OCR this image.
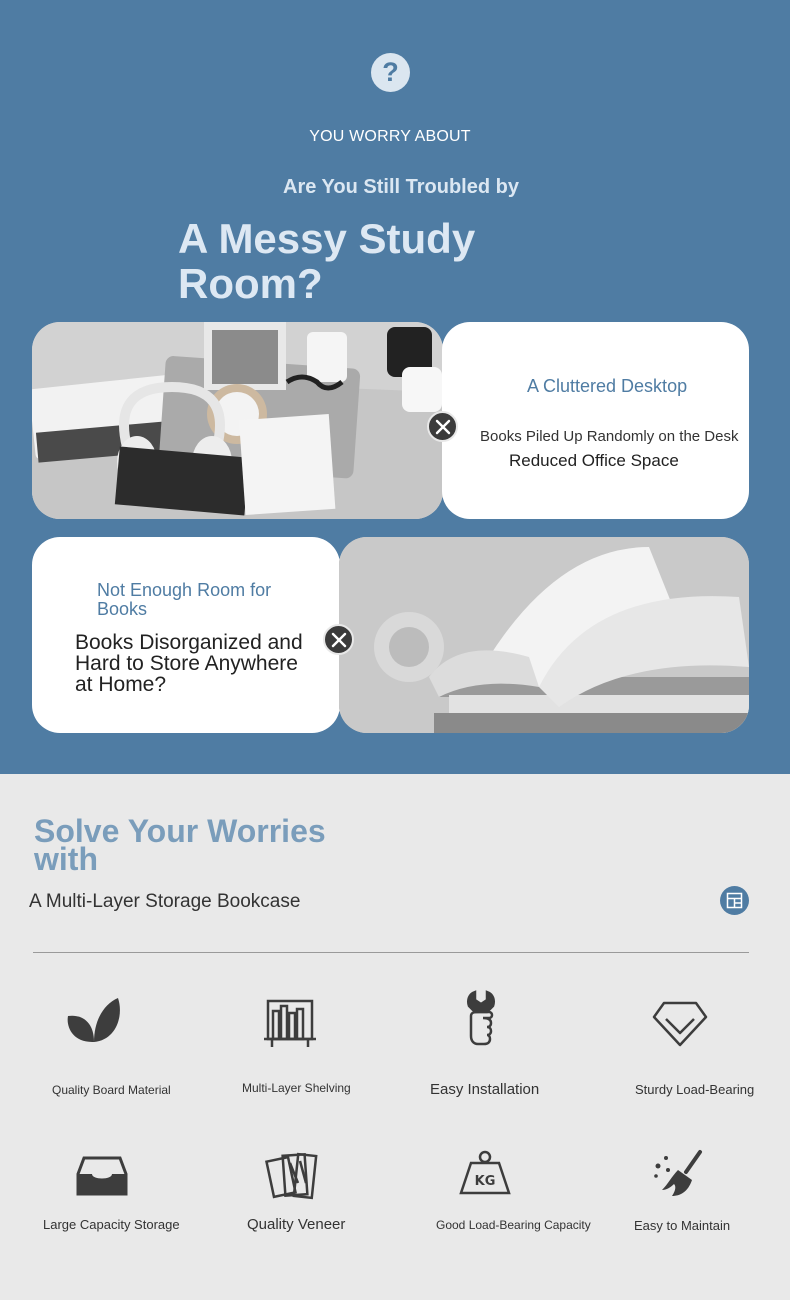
?
YOU WORRY ABOUT
Are You Still Troubled by
A Messy Study Room?
A Cluttered Desktop
Books Piled Up Randomly on the Desk
Reduced Office Space
Not Enough Room for Books
Books Disorganized and Hard to Store Anywhere at Home?
Solve Your Worries with
A Multi-Layer Storage Bookcase
Quality Board Material	Multi-Layer Shelving	Easy Installation	Sturdy Load-Bearing
Large Capacity Storage	Quality Veneer
KG
Good Load-Bearing Capacity	Easy to Maintain
